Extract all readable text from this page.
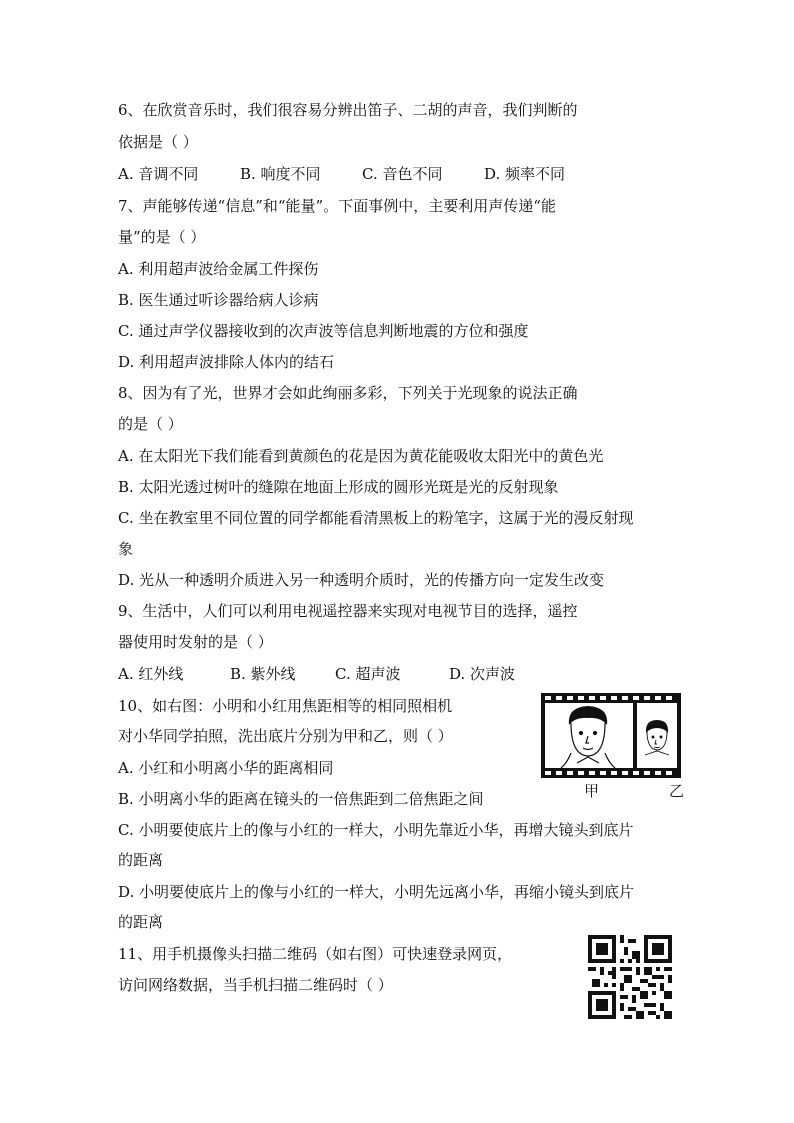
6、在欣赏音乐时，我们很容易分辨出笛子、二胡的声音，我们判断的
依据是（ ）
A. 音调不同	B. 响度不同	C. 音色不同	D. 频率不同
7、声能够传递“信息”和“能量”。下面事例中，主要利用声传递“能
量”的是（ ）
A. 利用超声波给金属工件探伤
B. 医生通过听诊器给病人诊病
C. 通过声学仪器接收到的次声波等信息判断地震的方位和强度
D. 利用超声波排除人体内的结石
8、因为有了光，世界才会如此绚丽多彩，下列关于光现象的说法正确
的是（ ）
A. 在太阳光下我们能看到黄颜色的花是因为黄花能吸收太阳光中的黄色光
B. 太阳光透过树叶的缝隙在地面上形成的圆形光斑是光的反射现象
C. 坐在教室里不同位置的同学都能看清黑板上的粉笔字，这属于光的漫反射现
象
D. 光从一种透明介质进入另一种透明介质时，光的传播方向一定发生改变
9、生活中，人们可以利用电视遥控器来实现对电视节目的选择，遥控
器使用时发射的是（ ）
A. 红外线	B. 紫外线	C. 超声波	D. 次声波
10、如右图：小明和小红用焦距相等的相同照相机
对小华同学拍照，洗出底片分别为甲和乙，则（ ）
A. 小红和小明离小华的距离相同
B. 小明离小华的距离在镜头的一倍焦距到二倍焦距之间
C. 小明要使底片上的像与小红的一样大，小明先靠近小华，再增大镜头到底片
的距离
D. 小明要使底片上的像与小红的一样大，小明先远离小华，再缩小镜头到底片
的距离
甲	乙
11、用手机摄像头扫描二维码（如右图）可快速登录网页，
访问网络数据，当手机扫描二维码时（ ）
